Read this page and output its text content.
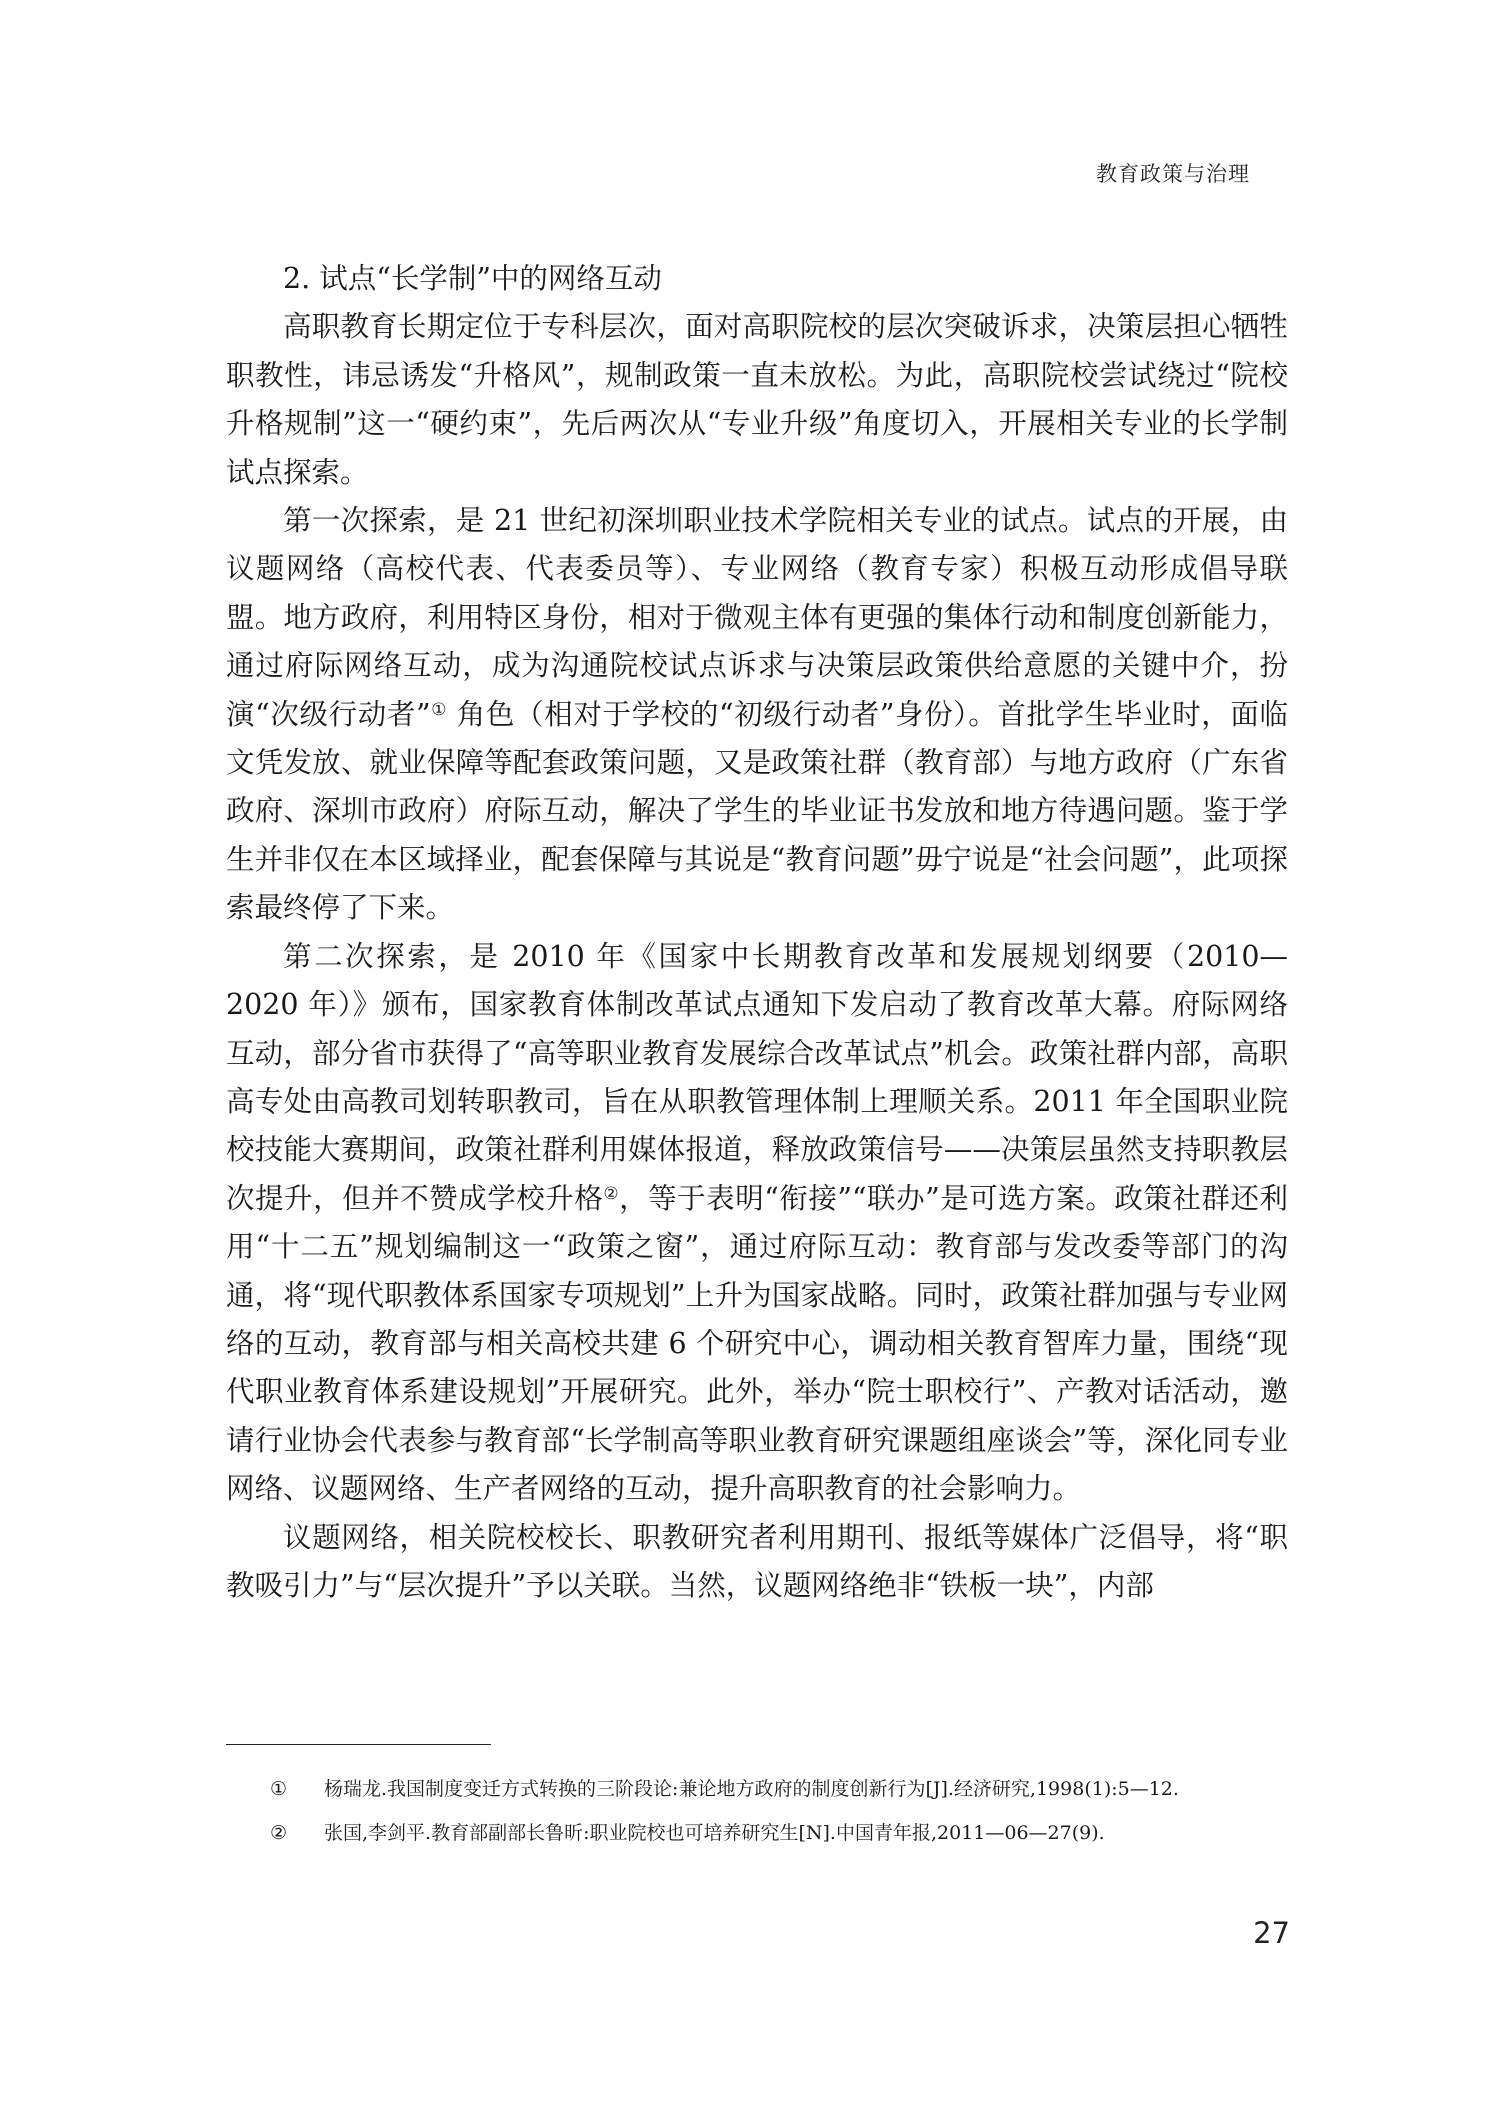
教育政策与治理

2. 试点“长学制”中的网络互动

高职教育长期定位于专科层次，面对高职院校的层次突破诉求，决策层担心牺牲职教性，讳忌诱发“升格风”，规制政策一直未放松。为此，高职院校尝试绕过“院校升格规制”这一“硬约束”，先后两次从“专业升级”角度切入，开展相关专业的长学制试点探索。

第一次探索，是 21 世纪初深圳职业技术学院相关专业的试点。试点的开展，由议题网络（高校代表、代表委员等）、专业网络（教育专家）积极互动形成倡导联盟。地方政府，利用特区身份，相对于微观主体有更强的集体行动和制度创新能力，通过府际网络互动，成为沟通院校试点诉求与决策层政策供给意愿的关键中介，扮演“次级行动者”① 角色（相对于学校的“初级行动者”身份）。首批学生毕业时，面临文凭发放、就业保障等配套政策问题，又是政策社群（教育部）与地方政府（广东省政府、深圳市政府）府际互动，解决了学生的毕业证书发放和地方待遇问题。鉴于学生并非仅在本区域择业，配套保障与其说是“教育问题”毋宁说是“社会问题”，此项探索最终停了下来。

第二次探索，是 2010 年《国家中长期教育改革和发展规划纲要（2010—2020 年）》颁布，国家教育体制改革试点通知下发启动了教育改革大幕。府际网络互动，部分省市获得了“高等职业教育发展综合改革试点”机会。政策社群内部，高职高专处由高教司划转职教司，旨在从职教管理体制上理顺关系。2011 年全国职业院校技能大赛期间，政策社群利用媒体报道，释放政策信号——决策层虽然支持职教层次提升，但并不赞成学校升格②，等于表明“衔接”“联办”是可选方案。政策社群还利用“十二五”规划编制这一“政策之窗”，通过府际互动：教育部与发改委等部门的沟通，将“现代职教体系国家专项规划”上升为国家战略。同时，政策社群加强与专业网络的互动，教育部与相关高校共建 6 个研究中心，调动相关教育智库力量，围绕“现代职业教育体系建设规划”开展研究。此外，举办“院士职校行”、产教对话活动，邀请行业协会代表参与教育部“长学制高等职业教育研究课题组座谈会”等，深化同专业网络、议题网络、生产者网络的互动，提升高职教育的社会影响力。

议题网络，相关院校校长、职教研究者利用期刊、报纸等媒体广泛倡导，将“职教吸引力”与“层次提升”予以关联。当然，议题网络绝非“铁板一块”，内部

① 杨瑞龙.我国制度变迁方式转换的三阶段论:兼论地方政府的制度创新行为[J].经济研究,1998(1):5—12.

② 张国,李剑平.教育部副部长鲁昕:职业院校也可培养研究生[N].中国青年报,2011—06—27(9).

27
